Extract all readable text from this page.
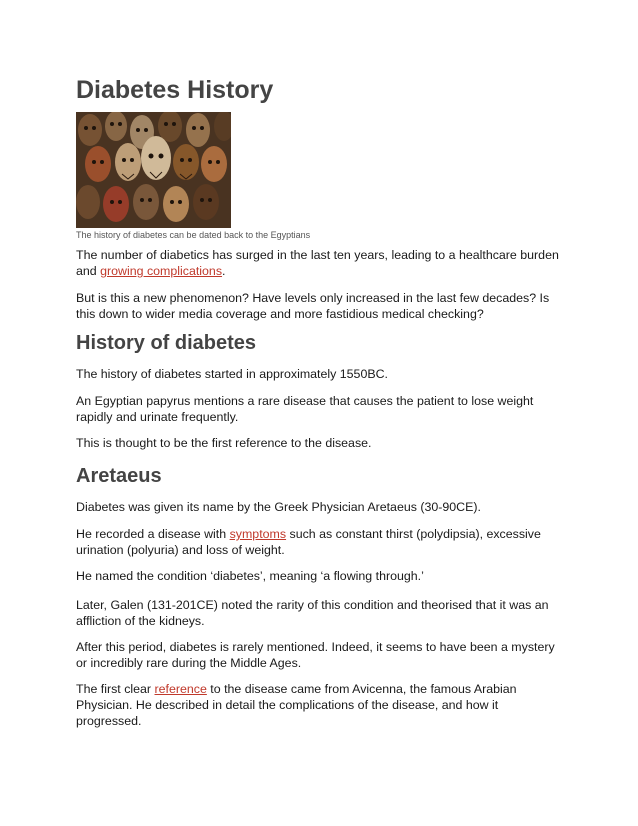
Diabetes History
The history of diabetes can be dated back to the Egyptians

The number of diabetics has surged in the last ten years, leading to a healthcare burden and growing complications.

But is this a new phenomenon? Have levels only increased in the last few decades? Is this down to wider media coverage and more fastidious medical checking?

History of diabetes

The history of diabetes started in approximately 1550BC.

An Egyptian papyrus mentions a rare disease that causes the patient to lose weight rapidly and urinate frequently.

This is thought to be the first reference to the disease.

Aretaeus

Diabetes was given its name by the Greek Physician Aretaeus (30-90CE).

He recorded a disease with symptoms such as constant thirst (polydipsia), excessive urination (polyuria) and loss of weight.

He named the condition ‘diabetes’, meaning ‘a flowing through.’

Later, Galen (131-201CE) noted the rarity of this condition and theorised that it was an affliction of the kidneys.

After this period, diabetes is rarely mentioned. Indeed, it seems to have been a mystery or incredibly rare during the Middle Ages.

The first clear reference to the disease came from Avicenna, the famous Arabian Physician. He described in detail the complications of the disease, and how it progressed.
